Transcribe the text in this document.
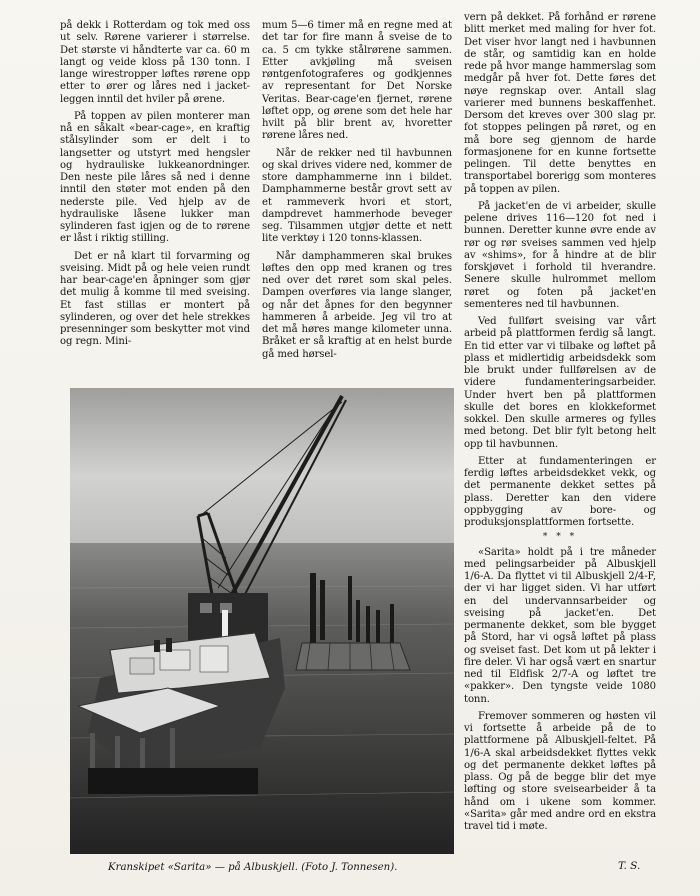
på dekk i Rotterdam og tok med oss ut selv. Rørene varierer i størrelse. Det største vi håndterte var ca. 60 m langt og veide kloss på 130 tonn. I lange wirestropper løftes rørene opp etter to ører og låres ned i jacket-leggen inntil det hviler på ørene.

På toppen av pilen monterer man nå en såkalt «bear-cage», en kraftig stålsylinder som er delt i to langsetter og utstyrt med hengsler og hydrauliske lukkeanordninger. Den neste pile låres så ned i denne inntil den støter mot enden på den nederste pile. Ved hjelp av de hydrauliske låsene lukker man sylinderen fast igjen og de to rørene er låst i riktig stilling.

Det er nå klart til forvarming og sveising. Midt på og hele veien rundt har bear-cage'en åpninger som gjør det mulig å komme til med sveising. Et fast stillas er montert på sylinderen, og over det hele strekkes presenninger som beskytter mot vind og regn. Mini-

mum 5—6 timer må en regne med at det tar for fire mann å sveise de to ca. 5 cm tykke stålrørene sammen. Etter avkjøling må sveisen røntgenfotograferes og godkjennes av representant for Det Norske Veritas. Bear-cage'en fjernet, rørene løftet opp, og ørene som det hele har hvilt på blir brent av, hvoretter rørene låres ned.

Når de rekker ned til havbunnen og skal drives videre ned, kommer de store damphammerne inn i bildet. Damphammerne består grovt sett av et rammeverk hvori et stort, dampdrevet hammerhode beveger seg. Tilsammen utgjør dette et nett lite verktøy i 120 tonns-klassen.

Når damphammeren skal brukes løftes den opp med kranen og tres ned over det røret som skal peles. Dampen overføres via lange slanger, og når det åpnes for den begynner hammeren å arbeide. Jeg vil tro at det må høres mange kilometer unna. Bråket er så kraftig at en helst burde gå med hørsel-

vern på dekket. På forhånd er rørene blitt merket med maling for hver fot. Det viser hvor langt ned i havbunnen de står, og samtidig kan en holde rede på hvor mange hammerslag som medgår på hver fot. Dette føres det nøye regnskap over. Antall slag varierer med bunnens beskaffenhet. Dersom det kreves over 300 slag pr. fot stoppes pelingen på røret, og en må bore seg gjennom de harde formasjonene for en kunne fortsette pelingen. Til dette benyttes en transportabel borerigg som monteres på toppen av pilen.

På jacket'en de vi arbeider, skulle pelene drives 116—120 fot ned i bunnen. Deretter kunne øvre ende av rør og rør sveises sammen ved hjelp av «shims», for å hindre at de blir forskjøvet i forhold til hverandre. Senere skulle hulrommet mellom røret og foten på jacket'en sementeres ned til havbunnen.

Ved fullført sveising var vårt arbeid på plattformen ferdig så langt. En tid etter var vi tilbake og løftet på plass et midlertidig arbeidsdekk som ble brukt under fullførelsen av de videre fundamenteringsarbeider. Under hvert ben på plattformen skulle det bores en klokkeformet sokkel. Den skulle armeres og fylles med betong. Det blir fylt betong helt opp til havbunnen.

Etter at fundamenteringen er ferdig løftes arbeidsdekket vekk, og det permanente dekket settes på plass. Deretter kan den videre oppbygging av bore- og produksjonsplattformen fortsette.

* * *

«Sarita» holdt på i tre måneder med pelingsarbeider på Albuskjell 1/6-A. Da flyttet vi til Albuskjell 2/4-F, der vi har ligget siden. Vi har utført en del undervannsarbeider og sveising på jacket'en. Det permanente dekket, som ble bygget på Stord, har vi også løftet på plass og sveiset fast. Det kom ut på lekter i fire deler. Vi har også vært en snartur ned til Eldfisk 2/7-A og løftet tre «pakker». Den tyngste veide 1080 tonn.

Fremover sommeren og høsten vil vi fortsette å arbeide på de to plattformene på Albuskjell-feltet. På 1/6-A skal arbeidsdekket flyttes vekk og det permanente dekket løftes på plass. Og på de begge blir det mye løfting og store sveisearbeider å ta hånd om i ukene som kommer. «Sarita» går med andre ord en ekstra travel tid i møte.

Kranskipet «Sarita» — på Albuskjell. (Foto J. Tonnesen).	T. S.
